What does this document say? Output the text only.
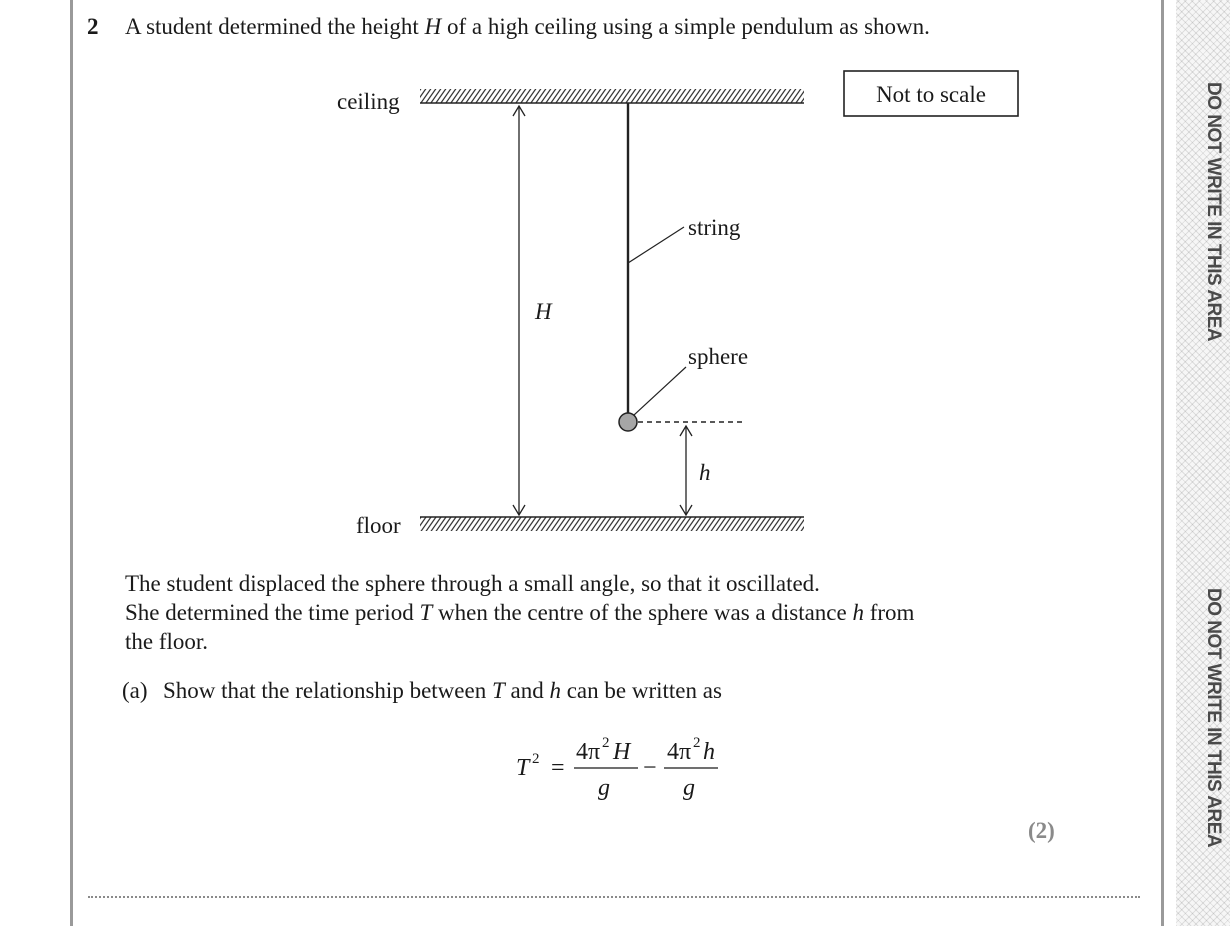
DO NOT WRITE IN THIS AREA
DO NOT WRITE IN THIS AREA
2 A student determined the height H of a high ceiling using a simple pendulum as shown.
ceiling
floor
H
string
sphere
h
Not to scale

The student displaced the sphere through a small angle, so that it oscillated.

She determined the time period T when the centre of the sphere was a distance h from

the floor.

(a) Show that the relationship between T and h can be written as
T 2 =
4π 2 H
g
−
4π 2 h
g
(2)
